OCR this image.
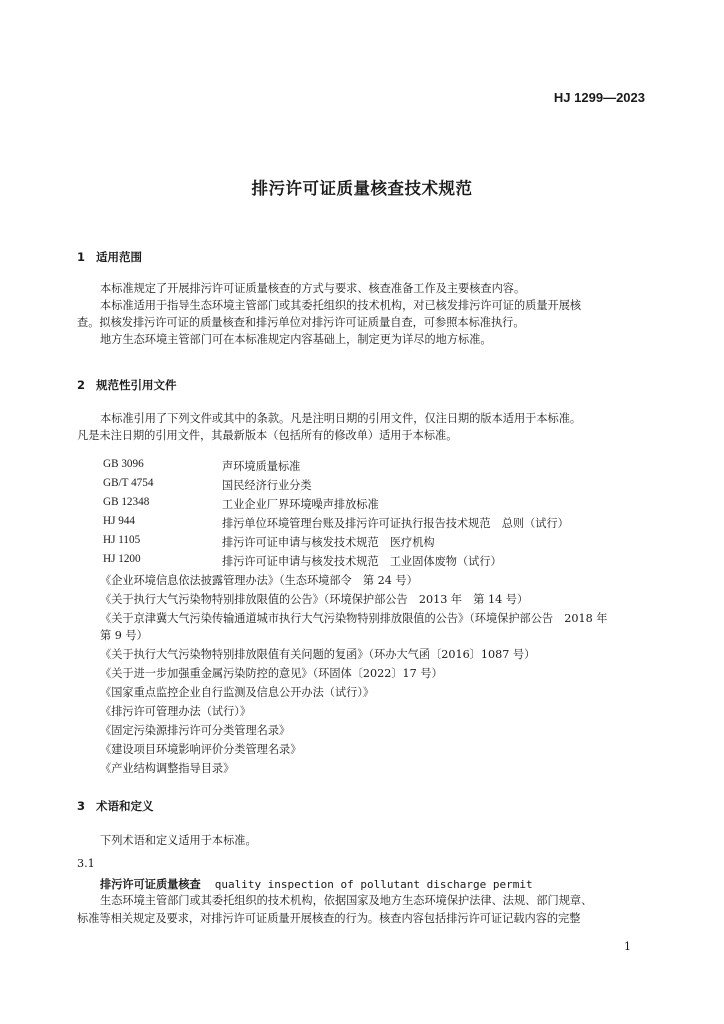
HJ 1299—2023
排污许可证质量核查技术规范
1 适用范围
本标准规定了开展排污许可证质量核查的方式与要求、核查准备工作及主要核查内容。
本标准适用于指导生态环境主管部门或其委托组织的技术机构，对已核发排污许可证的质量开展核
查。拟核发排污许可证的质量核查和排污单位对排污许可证质量自查，可参照本标准执行。
地方生态环境主管部门可在本标准规定内容基础上，制定更为详尽的地方标准。
2 规范性引用文件
本标准引用了下列文件或其中的条款。凡是注明日期的引用文件，仅注日期的版本适用于本标准。
凡是未注日期的引用文件，其最新版本（包括所有的修改单）适用于本标准。
GB 3096	声环境质量标准
GB/T 4754	国民经济行业分类
GB 12348	工业企业厂界环境噪声排放标准
HJ 944	排污单位环境管理台账及排污许可证执行报告技术规范　总则（试行）
HJ 1105	排污许可证申请与核发技术规范　医疗机构
HJ 1200	排污许可证申请与核发技术规范　工业固体废物（试行）
《企业环境信息依法披露管理办法》（生态环境部令　第 24 号）
《关于执行大气污染物特别排放限值的公告》（环境保护部公告　2013 年　第 14 号）
《关于京津冀大气污染传输通道城市执行大气污染物特别排放限值的公告》（环境保护部公告　2018 年
第 9 号）
《关于执行大气污染物特别排放限值有关问题的复函》（环办大气函〔2016〕1087 号）
《关于进一步加强重金属污染防控的意见》（环固体〔2022〕17 号）
《国家重点监控企业自行监测及信息公开办法（试行）》
《排污许可管理办法（试行）》
《固定污染源排污许可分类管理名录》
《建设项目环境影响评价分类管理名录》
《产业结构调整指导目录》
3 术语和定义
下列术语和定义适用于本标准。
3.1
排污许可证质量核查 quality inspection of pollutant discharge permit
生态环境主管部门或其委托组织的技术机构，依据国家及地方生态环境保护法律、法规、部门规章、
标准等相关规定及要求，对排污许可证质量开展核查的行为。核查内容包括排污许可证记载内容的完整
1
